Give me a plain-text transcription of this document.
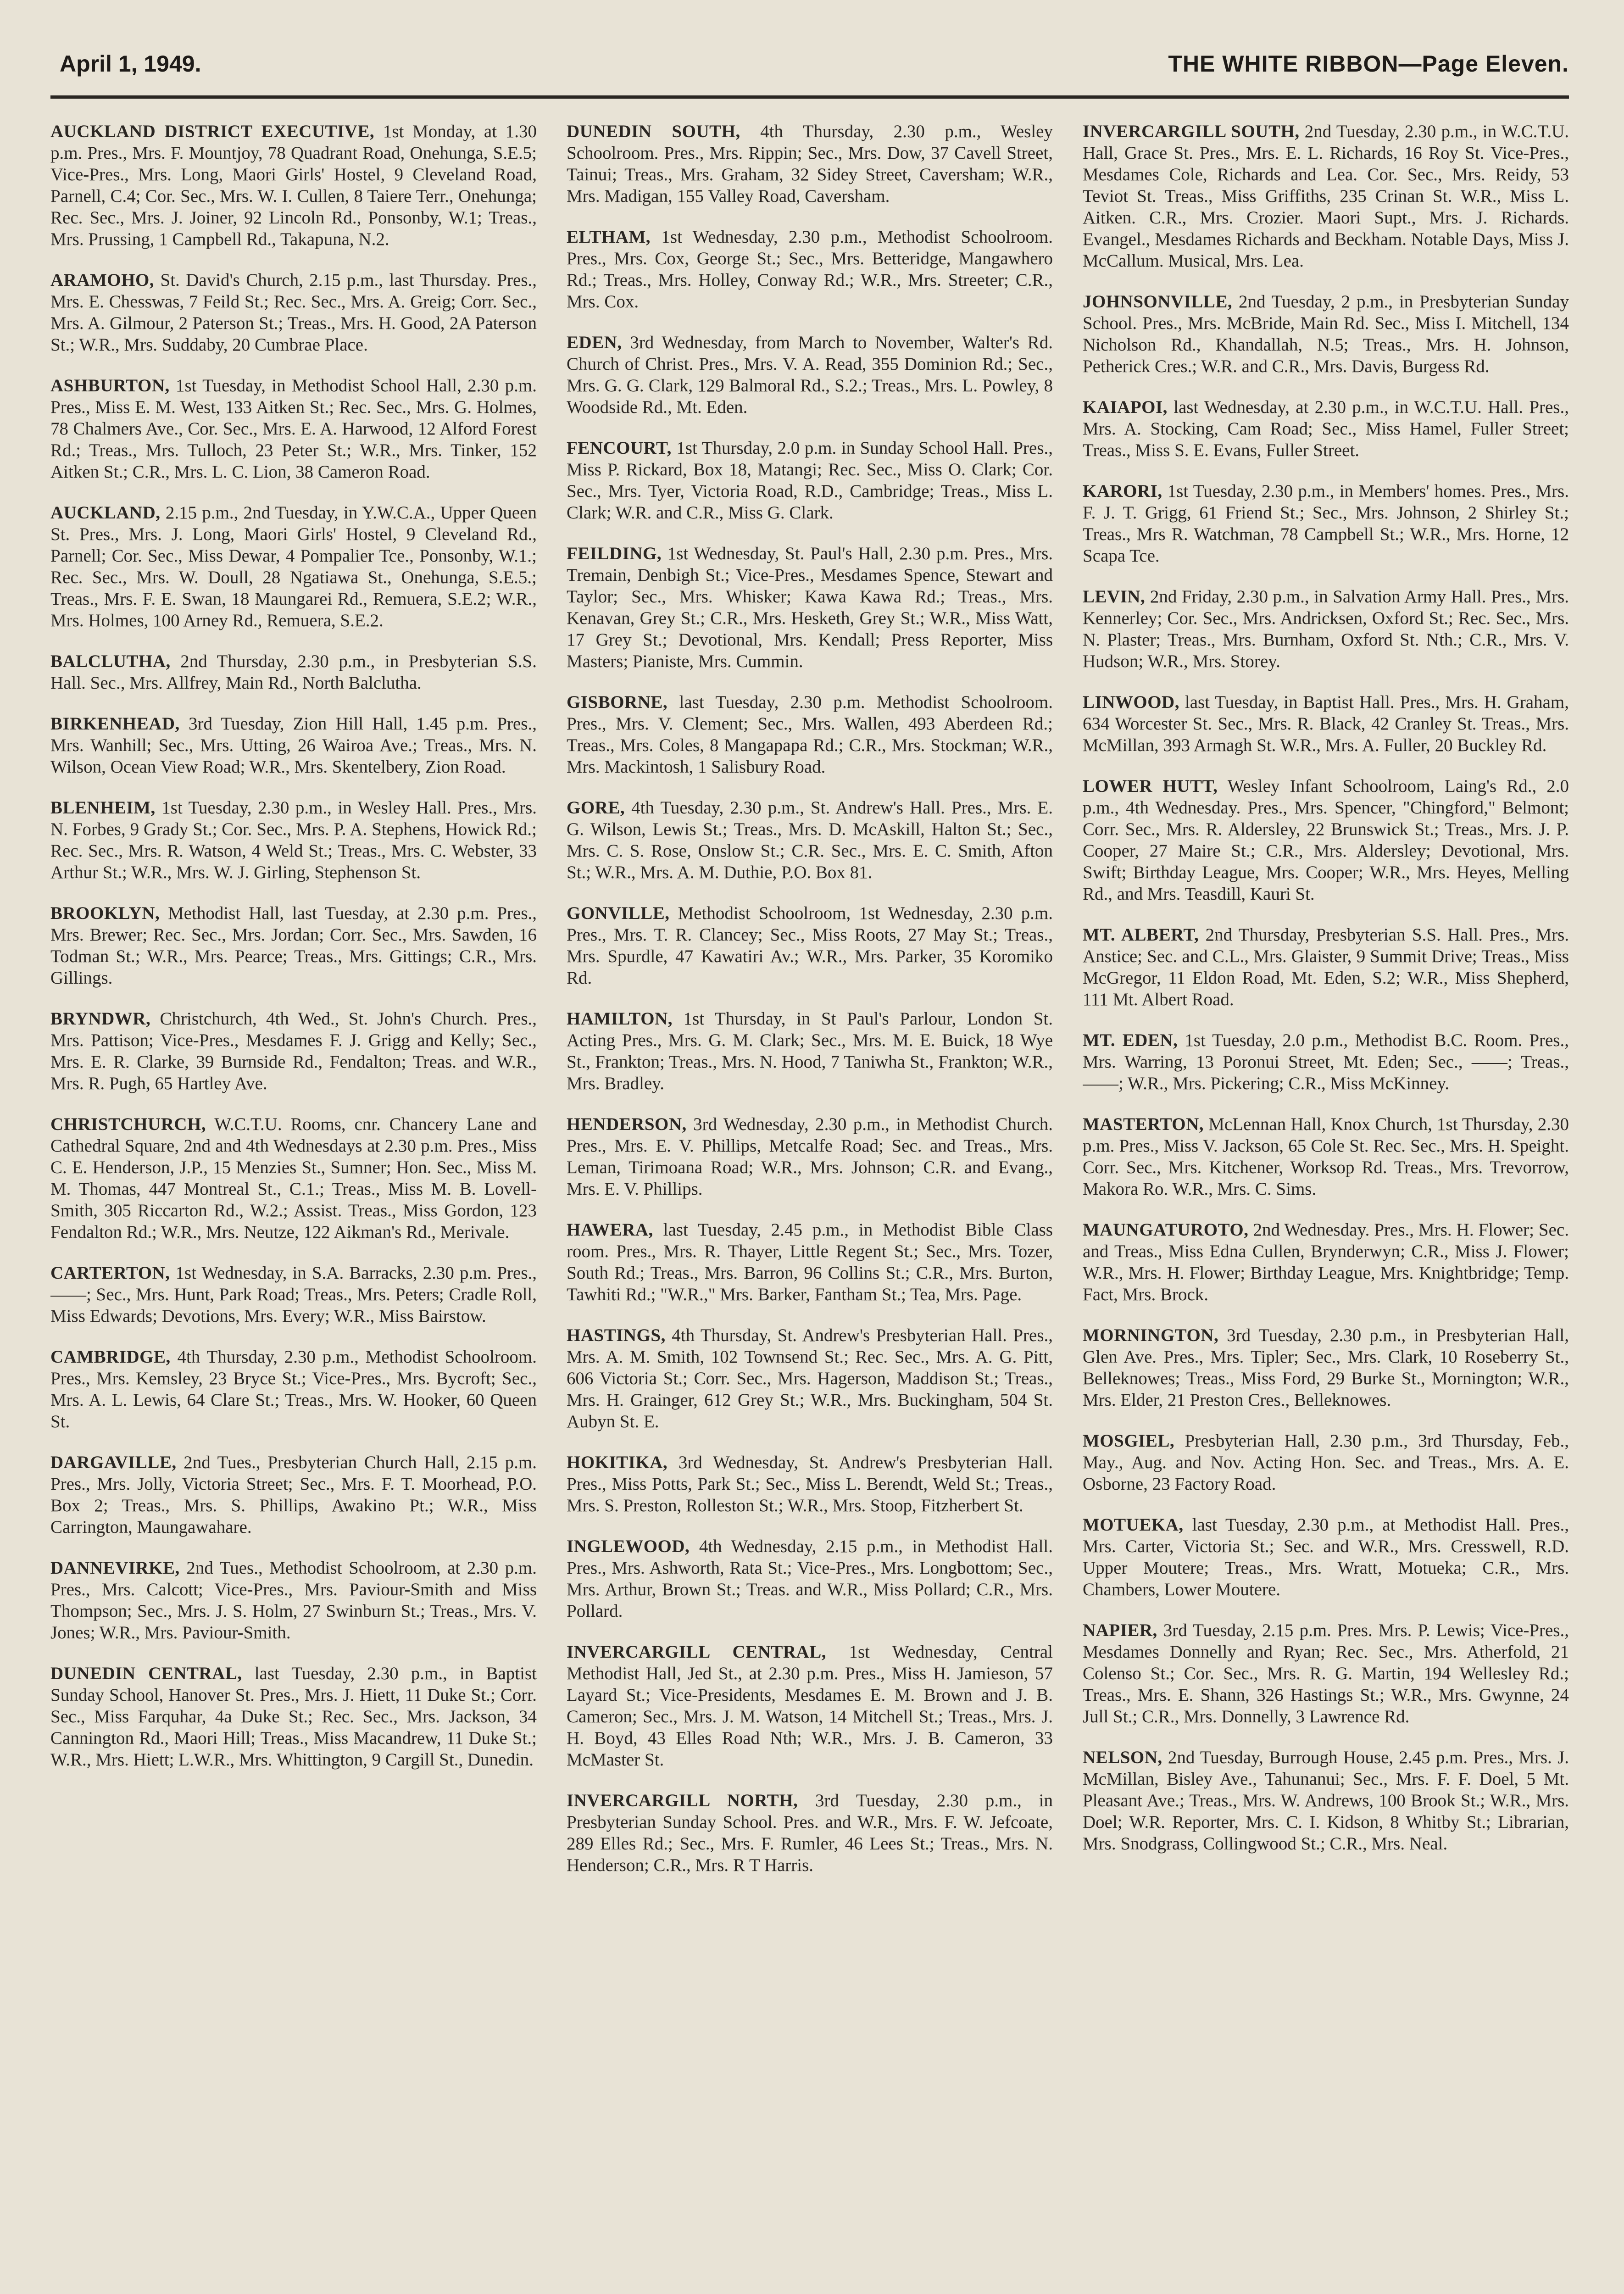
April 1, 1949.	THE WHITE RIBBON—Page Eleven.

AUCKLAND DISTRICT EXECUTIVE, 1st Monday, at 1.30 p.m. Pres., Mrs. F. Mountjoy, 78 Quadrant Road, Onehunga, S.E.5; Vice-Pres., Mrs. Long, Maori Girls' Hostel, 9 Cleveland Road, Parnell, C.4; Cor. Sec., Mrs. W. I. Cullen, 8 Taiere Terr., Onehunga; Rec. Sec., Mrs. J. Joiner, 92 Lincoln Rd., Ponsonby, W.1; Treas., Mrs. Prussing, 1 Campbell Rd., Takapuna, N.2.

ARAMOHO, St. David's Church, 2.15 p.m., last Thursday. Pres., Mrs. E. Chesswas, 7 Feild St.; Rec. Sec., Mrs. A. Greig; Corr. Sec., Mrs. A. Gilmour, 2 Paterson St.; Treas., Mrs. H. Good, 2A Paterson St.; W.R., Mrs. Suddaby, 20 Cumbrae Place.

ASHBURTON, 1st Tuesday, in Methodist School Hall, 2.30 p.m. Pres., Miss E. M. West, 133 Aitken St.; Rec. Sec., Mrs. G. Holmes, 78 Chalmers Ave., Cor. Sec., Mrs. E. A. Harwood, 12 Alford Forest Rd.; Treas., Mrs. Tulloch, 23 Peter St.; W.R., Mrs. Tinker, 152 Aitken St.; C.R., Mrs. L. C. Lion, 38 Cameron Road.

AUCKLAND, 2.15 p.m., 2nd Tuesday, in Y.W.C.A., Upper Queen St. Pres., Mrs. J. Long, Maori Girls' Hostel, 9 Cleveland Rd., Parnell; Cor. Sec., Miss Dewar, 4 Pompalier Tce., Ponsonby, W.1.; Rec. Sec., Mrs. W. Doull, 28 Ngatiawa St., Onehunga, S.E.5.; Treas., Mrs. F. E. Swan, 18 Maungarei Rd., Remuera, S.E.2; W.R., Mrs. Holmes, 100 Arney Rd., Remuera, S.E.2.

BALCLUTHA, 2nd Thursday, 2.30 p.m., in Presbyterian S.S. Hall. Sec., Mrs. Allfrey, Main Rd., North Balclutha.

BIRKENHEAD, 3rd Tuesday, Zion Hill Hall, 1.45 p.m. Pres., Mrs. Wanhill; Sec., Mrs. Utting, 26 Wairoa Ave.; Treas., Mrs. N. Wilson, Ocean View Road; W.R., Mrs. Skentelbery, Zion Road.

BLENHEIM, 1st Tuesday, 2.30 p.m., in Wesley Hall. Pres., Mrs. N. Forbes, 9 Grady St.; Cor. Sec., Mrs. P. A. Stephens, Howick Rd.; Rec. Sec., Mrs. R. Watson, 4 Weld St.; Treas., Mrs. C. Webster, 33 Arthur St.; W.R., Mrs. W. J. Girling, Stephenson St.

BROOKLYN, Methodist Hall, last Tuesday, at 2.30 p.m. Pres., Mrs. Brewer; Rec. Sec., Mrs. Jordan; Corr. Sec., Mrs. Sawden, 16 Todman St.; W.R., Mrs. Pearce; Treas., Mrs. Gittings; C.R., Mrs. Gillings.

BRYNDWR, Christchurch, 4th Wed., St. John's Church. Pres., Mrs. Pattison; Vice-Pres., Mesdames F. J. Grigg and Kelly; Sec., Mrs. E. R. Clarke, 39 Burnside Rd., Fendalton; Treas. and W.R., Mrs. R. Pugh, 65 Hartley Ave.

CHRISTCHURCH, W.C.T.U. Rooms, cnr. Chancery Lane and Cathedral Square, 2nd and 4th Wednesdays at 2.30 p.m. Pres., Miss C. E. Henderson, J.P., 15 Menzies St., Sumner; Hon. Sec., Miss M. M. Thomas, 447 Montreal St., C.1.; Treas., Miss M. B. Lovell-Smith, 305 Riccarton Rd., W.2.; Assist. Treas., Miss Gordon, 123 Fendalton Rd.; W.R., Mrs. Neutze, 122 Aikman's Rd., Merivale.

CARTERTON, 1st Wednesday, in S.A. Barracks, 2.30 p.m. Pres., ——; Sec., Mrs. Hunt, Park Road; Treas., Mrs. Peters; Cradle Roll, Miss Edwards; Devotions, Mrs. Every; W.R., Miss Bairstow.

CAMBRIDGE, 4th Thursday, 2.30 p.m., Methodist Schoolroom. Pres., Mrs. Kemsley, 23 Bryce St.; Vice-Pres., Mrs. Bycroft; Sec., Mrs. A. L. Lewis, 64 Clare St.; Treas., Mrs. W. Hooker, 60 Queen St.

DARGAVILLE, 2nd Tues., Presbyterian Church Hall, 2.15 p.m. Pres., Mrs. Jolly, Victoria Street; Sec., Mrs. F. T. Moorhead, P.O. Box 2; Treas., Mrs. S. Phillips, Awakino Pt.; W.R., Miss Carrington, Maungawahare.

DANNEVIRKE, 2nd Tues., Methodist Schoolroom, at 2.30 p.m. Pres., Mrs. Calcott; Vice-Pres., Mrs. Paviour-Smith and Miss Thompson; Sec., Mrs. J. S. Holm, 27 Swinburn St.; Treas., Mrs. V. Jones; W.R., Mrs. Paviour-Smith.

DUNEDIN CENTRAL, last Tuesday, 2.30 p.m., in Baptist Sunday School, Hanover St. Pres., Mrs. J. Hiett, 11 Duke St.; Corr. Sec., Miss Farquhar, 4a Duke St.; Rec. Sec., Mrs. Jackson, 34 Cannington Rd., Maori Hill; Treas., Miss Macandrew, 11 Duke St.; W.R., Mrs. Hiett; L.W.R., Mrs. Whittington, 9 Cargill St., Dunedin.

DUNEDIN SOUTH, 4th Thursday, 2.30 p.m., Wesley Schoolroom. Pres., Mrs. Rippin; Sec., Mrs. Dow, 37 Cavell Street, Tainui; Treas., Mrs. Graham, 32 Sidey Street, Caversham; W.R., Mrs. Madigan, 155 Valley Road, Caversham.

ELTHAM, 1st Wednesday, 2.30 p.m., Methodist Schoolroom. Pres., Mrs. Cox, George St.; Sec., Mrs. Betteridge, Mangawhero Rd.; Treas., Mrs. Holley, Conway Rd.; W.R., Mrs. Streeter; C.R., Mrs. Cox.

EDEN, 3rd Wednesday, from March to November, Walter's Rd. Church of Christ. Pres., Mrs. V. A. Read, 355 Dominion Rd.; Sec., Mrs. G. G. Clark, 129 Balmoral Rd., S.2.; Treas., Mrs. L. Powley, 8 Woodside Rd., Mt. Eden.

FENCOURT, 1st Thursday, 2.0 p.m. in Sunday School Hall. Pres., Miss P. Rickard, Box 18, Matangi; Rec. Sec., Miss O. Clark; Cor. Sec., Mrs. Tyer, Victoria Road, R.D., Cambridge; Treas., Miss L. Clark; W.R. and C.R., Miss G. Clark.

FEILDING, 1st Wednesday, St. Paul's Hall, 2.30 p.m. Pres., Mrs. Tremain, Denbigh St.; Vice-Pres., Mesdames Spence, Stewart and Taylor; Sec., Mrs. Whisker; Kawa Kawa Rd.; Treas., Mrs. Kenavan, Grey St.; C.R., Mrs. Hesketh, Grey St.; W.R., Miss Watt, 17 Grey St.; Devotional, Mrs. Kendall; Press Reporter, Miss Masters; Pianiste, Mrs. Cummin.

GISBORNE, last Tuesday, 2.30 p.m. Methodist Schoolroom. Pres., Mrs. V. Clement; Sec., Mrs. Wallen, 493 Aberdeen Rd.; Treas., Mrs. Coles, 8 Mangapapa Rd.; C.R., Mrs. Stockman; W.R., Mrs. Mackintosh, 1 Salisbury Road.

GORE, 4th Tuesday, 2.30 p.m., St. Andrew's Hall. Pres., Mrs. E. G. Wilson, Lewis St.; Treas., Mrs. D. McAskill, Halton St.; Sec., Mrs. C. S. Rose, Onslow St.; C.R. Sec., Mrs. E. C. Smith, Afton St.; W.R., Mrs. A. M. Duthie, P.O. Box 81.

GONVILLE, Methodist Schoolroom, 1st Wednesday, 2.30 p.m. Pres., Mrs. T. R. Clancey; Sec., Miss Roots, 27 May St.; Treas., Mrs. Spurdle, 47 Kawatiri Av.; W.R., Mrs. Parker, 35 Koromiko Rd.

HAMILTON, 1st Thursday, in St Paul's Parlour, London St. Acting Pres., Mrs. G. M. Clark; Sec., Mrs. M. E. Buick, 18 Wye St., Frankton; Treas., Mrs. N. Hood, 7 Taniwha St., Frankton; W.R., Mrs. Bradley.

HENDERSON, 3rd Wednesday, 2.30 p.m., in Methodist Church. Pres., Mrs. E. V. Phillips, Metcalfe Road; Sec. and Treas., Mrs. Leman, Tirimoana Road; W.R., Mrs. Johnson; C.R. and Evang., Mrs. E. V. Phillips.

HAWERA, last Tuesday, 2.45 p.m., in Methodist Bible Class room. Pres., Mrs. R. Thayer, Little Regent St.; Sec., Mrs. Tozer, South Rd.; Treas., Mrs. Barron, 96 Collins St.; C.R., Mrs. Burton, Tawhiti Rd.; "W.R.," Mrs. Barker, Fantham St.; Tea, Mrs. Page.

HASTINGS, 4th Thursday, St. Andrew's Presbyterian Hall. Pres., Mrs. A. M. Smith, 102 Townsend St.; Rec. Sec., Mrs. A. G. Pitt, 606 Victoria St.; Corr. Sec., Mrs. Hagerson, Maddison St.; Treas., Mrs. H. Grainger, 612 Grey St.; W.R., Mrs. Buckingham, 504 St. Aubyn St. E.

HOKITIKA, 3rd Wednesday, St. Andrew's Presbyterian Hall. Pres., Miss Potts, Park St.; Sec., Miss L. Berendt, Weld St.; Treas., Mrs. S. Preston, Rolleston St.; W.R., Mrs. Stoop, Fitzherbert St.

INGLEWOOD, 4th Wednesday, 2.15 p.m., in Methodist Hall. Pres., Mrs. Ashworth, Rata St.; Vice-Pres., Mrs. Longbottom; Sec., Mrs. Arthur, Brown St.; Treas. and W.R., Miss Pollard; C.R., Mrs. Pollard.

INVERCARGILL CENTRAL, 1st Wednesday, Central Methodist Hall, Jed St., at 2.30 p.m. Pres., Miss H. Jamieson, 57 Layard St.; Vice-Presidents, Mesdames E. M. Brown and J. B. Cameron; Sec., Mrs. J. M. Watson, 14 Mitchell St.; Treas., Mrs. J. H. Boyd, 43 Elles Road Nth; W.R., Mrs. J. B. Cameron, 33 McMaster St.

INVERCARGILL NORTH, 3rd Tuesday, 2.30 p.m., in Presbyterian Sunday School. Pres. and W.R., Mrs. F. W. Jefcoate, 289 Elles Rd.; Sec., Mrs. F. Rumler, 46 Lees St.; Treas., Mrs. N. Henderson; C.R., Mrs. R T Harris.

INVERCARGILL SOUTH, 2nd Tuesday, 2.30 p.m., in W.C.T.U. Hall, Grace St. Pres., Mrs. E. L. Richards, 16 Roy St. Vice-Pres., Mesdames Cole, Richards and Lea. Cor. Sec., Mrs. Reidy, 53 Teviot St. Treas., Miss Griffiths, 235 Crinan St. W.R., Miss L. Aitken. C.R., Mrs. Crozier. Maori Supt., Mrs. J. Richards. Evangel., Mesdames Richards and Beckham. Notable Days, Miss J. McCallum. Musical, Mrs. Lea.

JOHNSONVILLE, 2nd Tuesday, 2 p.m., in Presbyterian Sunday School. Pres., Mrs. McBride, Main Rd. Sec., Miss I. Mitchell, 134 Nicholson Rd., Khandallah, N.5; Treas., Mrs. H. Johnson, Petherick Cres.; W.R. and C.R., Mrs. Davis, Burgess Rd.

KAIAPOI, last Wednesday, at 2.30 p.m., in W.C.T.U. Hall. Pres., Mrs. A. Stocking, Cam Road; Sec., Miss Hamel, Fuller Street; Treas., Miss S. E. Evans, Fuller Street.

KARORI, 1st Tuesday, 2.30 p.m., in Members' homes. Pres., Mrs. F. J. T. Grigg, 61 Friend St.; Sec., Mrs. Johnson, 2 Shirley St.; Treas., Mrs R. Watchman, 78 Campbell St.; W.R., Mrs. Horne, 12 Scapa Tce.

LEVIN, 2nd Friday, 2.30 p.m., in Salvation Army Hall. Pres., Mrs. Kennerley; Cor. Sec., Mrs. Andricksen, Oxford St.; Rec. Sec., Mrs. N. Plaster; Treas., Mrs. Burnham, Oxford St. Nth.; C.R., Mrs. V. Hudson; W.R., Mrs. Storey.

LINWOOD, last Tuesday, in Baptist Hall. Pres., Mrs. H. Graham, 634 Worcester St. Sec., Mrs. R. Black, 42 Cranley St. Treas., Mrs. McMillan, 393 Armagh St. W.R., Mrs. A. Fuller, 20 Buckley Rd.

LOWER HUTT, Wesley Infant Schoolroom, Laing's Rd., 2.0 p.m., 4th Wednesday. Pres., Mrs. Spencer, "Chingford," Belmont; Corr. Sec., Mrs. R. Aldersley, 22 Brunswick St.; Treas., Mrs. J. P. Cooper, 27 Maire St.; C.R., Mrs. Aldersley; Devotional, Mrs. Swift; Birthday League, Mrs. Cooper; W.R., Mrs. Heyes, Melling Rd., and Mrs. Teasdill, Kauri St.

MT. ALBERT, 2nd Thursday, Presbyterian S.S. Hall. Pres., Mrs. Anstice; Sec. and C.L., Mrs. Glaister, 9 Summit Drive; Treas., Miss McGregor, 11 Eldon Road, Mt. Eden, S.2; W.R., Miss Shepherd, 111 Mt. Albert Road.

MT. EDEN, 1st Tuesday, 2.0 p.m., Methodist B.C. Room. Pres., Mrs. Warring, 13 Poronui Street, Mt. Eden; Sec., ——; Treas., ——; W.R., Mrs. Pickering; C.R., Miss McKinney.

MASTERTON, McLennan Hall, Knox Church, 1st Thursday, 2.30 p.m. Pres., Miss V. Jackson, 65 Cole St. Rec. Sec., Mrs. H. Speight. Corr. Sec., Mrs. Kitchener, Worksop Rd. Treas., Mrs. Trevorrow, Makora Ro. W.R., Mrs. C. Sims.

MAUNGATUROTO, 2nd Wednesday. Pres., Mrs. H. Flower; Sec. and Treas., Miss Edna Cullen, Brynderwyn; C.R., Miss J. Flower; W.R., Mrs. H. Flower; Birthday League, Mrs. Knightbridge; Temp. Fact, Mrs. Brock.

MORNINGTON, 3rd Tuesday, 2.30 p.m., in Presbyterian Hall, Glen Ave. Pres., Mrs. Tipler; Sec., Mrs. Clark, 10 Roseberry St., Belleknowes; Treas., Miss Ford, 29 Burke St., Mornington; W.R., Mrs. Elder, 21 Preston Cres., Belleknowes.

MOSGIEL, Presbyterian Hall, 2.30 p.m., 3rd Thursday, Feb., May., Aug. and Nov. Acting Hon. Sec. and Treas., Mrs. A. E. Osborne, 23 Factory Road.

MOTUEKA, last Tuesday, 2.30 p.m., at Methodist Hall. Pres., Mrs. Carter, Victoria St.; Sec. and W.R., Mrs. Cresswell, R.D. Upper Moutere; Treas., Mrs. Wratt, Motueka; C.R., Mrs. Chambers, Lower Moutere.

NAPIER, 3rd Tuesday, 2.15 p.m. Pres. Mrs. P. Lewis; Vice-Pres., Mesdames Donnelly and Ryan; Rec. Sec., Mrs. Atherfold, 21 Colenso St.; Cor. Sec., Mrs. R. G. Martin, 194 Wellesley Rd.; Treas., Mrs. E. Shann, 326 Hastings St.; W.R., Mrs. Gwynne, 24 Jull St.; C.R., Mrs. Donnelly, 3 Lawrence Rd.

NELSON, 2nd Tuesday, Burrough House, 2.45 p.m. Pres., Mrs. J. McMillan, Bisley Ave., Tahunanui; Sec., Mrs. F. F. Doel, 5 Mt. Pleasant Ave.; Treas., Mrs. W. Andrews, 100 Brook St.; W.R., Mrs. Doel; W.R. Reporter, Mrs. C. I. Kidson, 8 Whitby St.; Librarian, Mrs. Snodgrass, Collingwood St.; C.R., Mrs. Neal.
